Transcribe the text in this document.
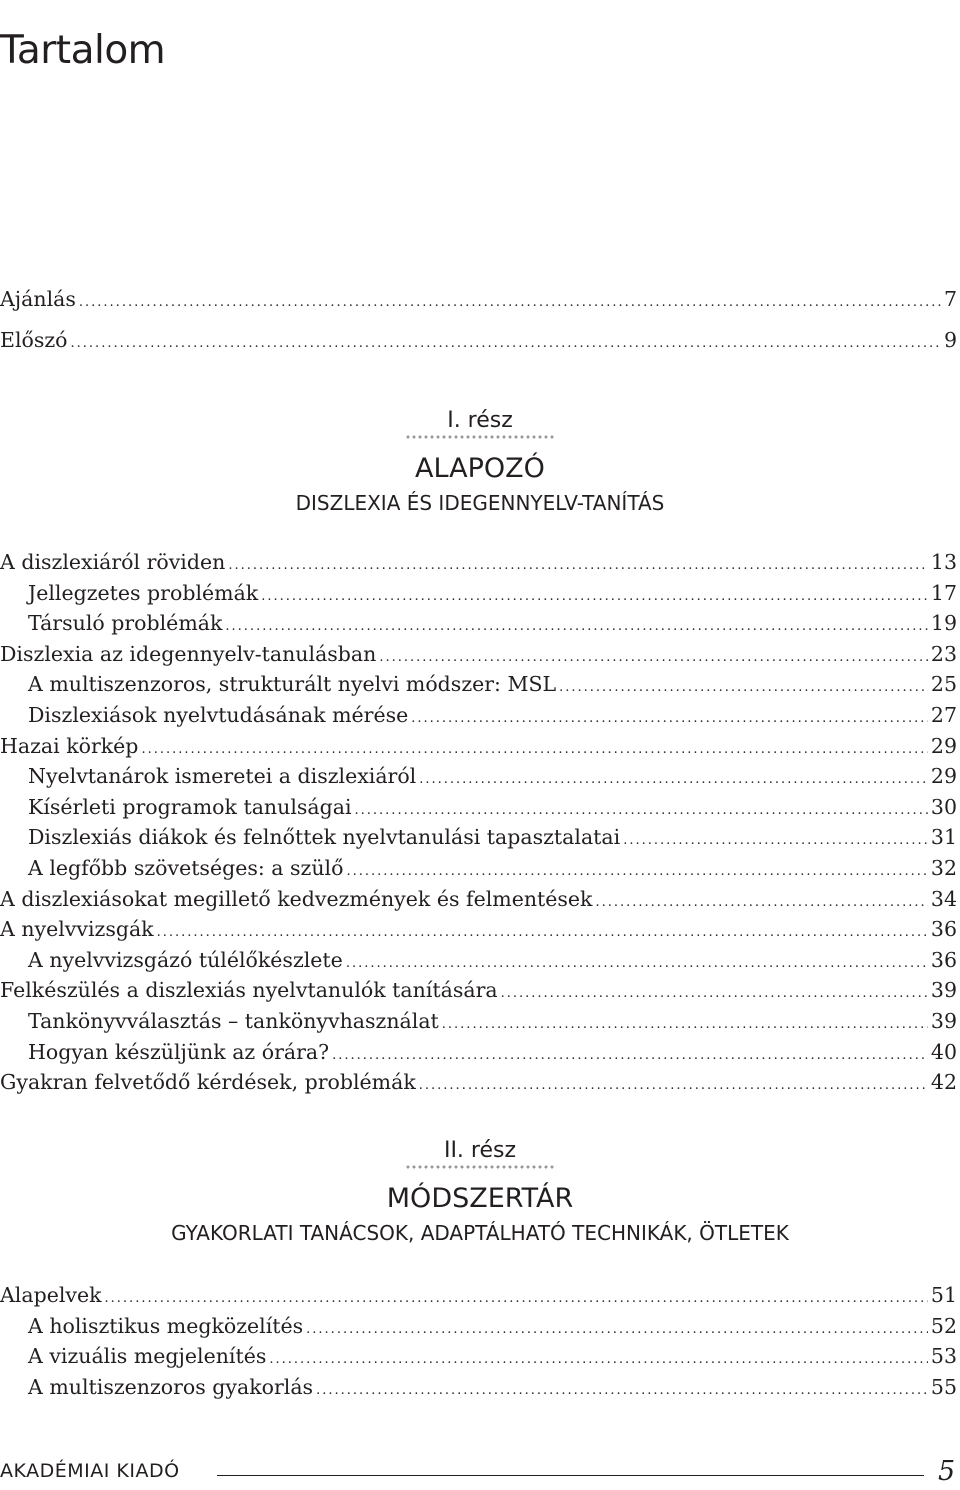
Tartalom
Ajánlás .....	7
Előszó .....	9
I. rész
ALAPOZÓ
DISZLEXIA ÉS IDEGENNYELV-TANÍTÁS
A diszlexiáról röviden .....	13
Jellegzetes problémák .....	17
Társuló problémák .....	19
Diszlexia az idegennyelv-tanulásban .....	23
A multiszenzoros, strukturált nyelvi módszer: MSL .....	25
Diszlexiások nyelvtudásának mérése .....	27
Hazai körkép .....	29
Nyelvtanárok ismeretei a diszlexiáról .....	29
Kísérleti programok tanulságai .....	30
Diszlexiás diákok és felnőttek nyelvtanulási tapasztalatai .....	31
A legfőbb szövetséges: a szülő .....	32
A diszlexiásokat megillető kedvezmények és felmentések .....	34
A nyelvvizsgák .....	36
A nyelvvizsgázó túlélőkészlete .....	36
Felkészülés a diszlexiás nyelvtanulók tanítására .....	39
Tankönyvválasztás – tankönyvhasználat .....	39
Hogyan készüljünk az órára? .....	40
Gyakran felvetődő kérdések, problémák .....	42
II. rész
MÓDSZERTÁR
GYAKORLATI TANÁCSOK, ADAPTÁLHATÓ TECHNIKÁK, ÖTLETEK
Alapelvek .....	51
A holisztikus megközelítés .....	52
A vizuális megjelenítés .....	53
A multiszenzoros gyakorlás .....	55
AKADÉMIAI KIADÓ	5
